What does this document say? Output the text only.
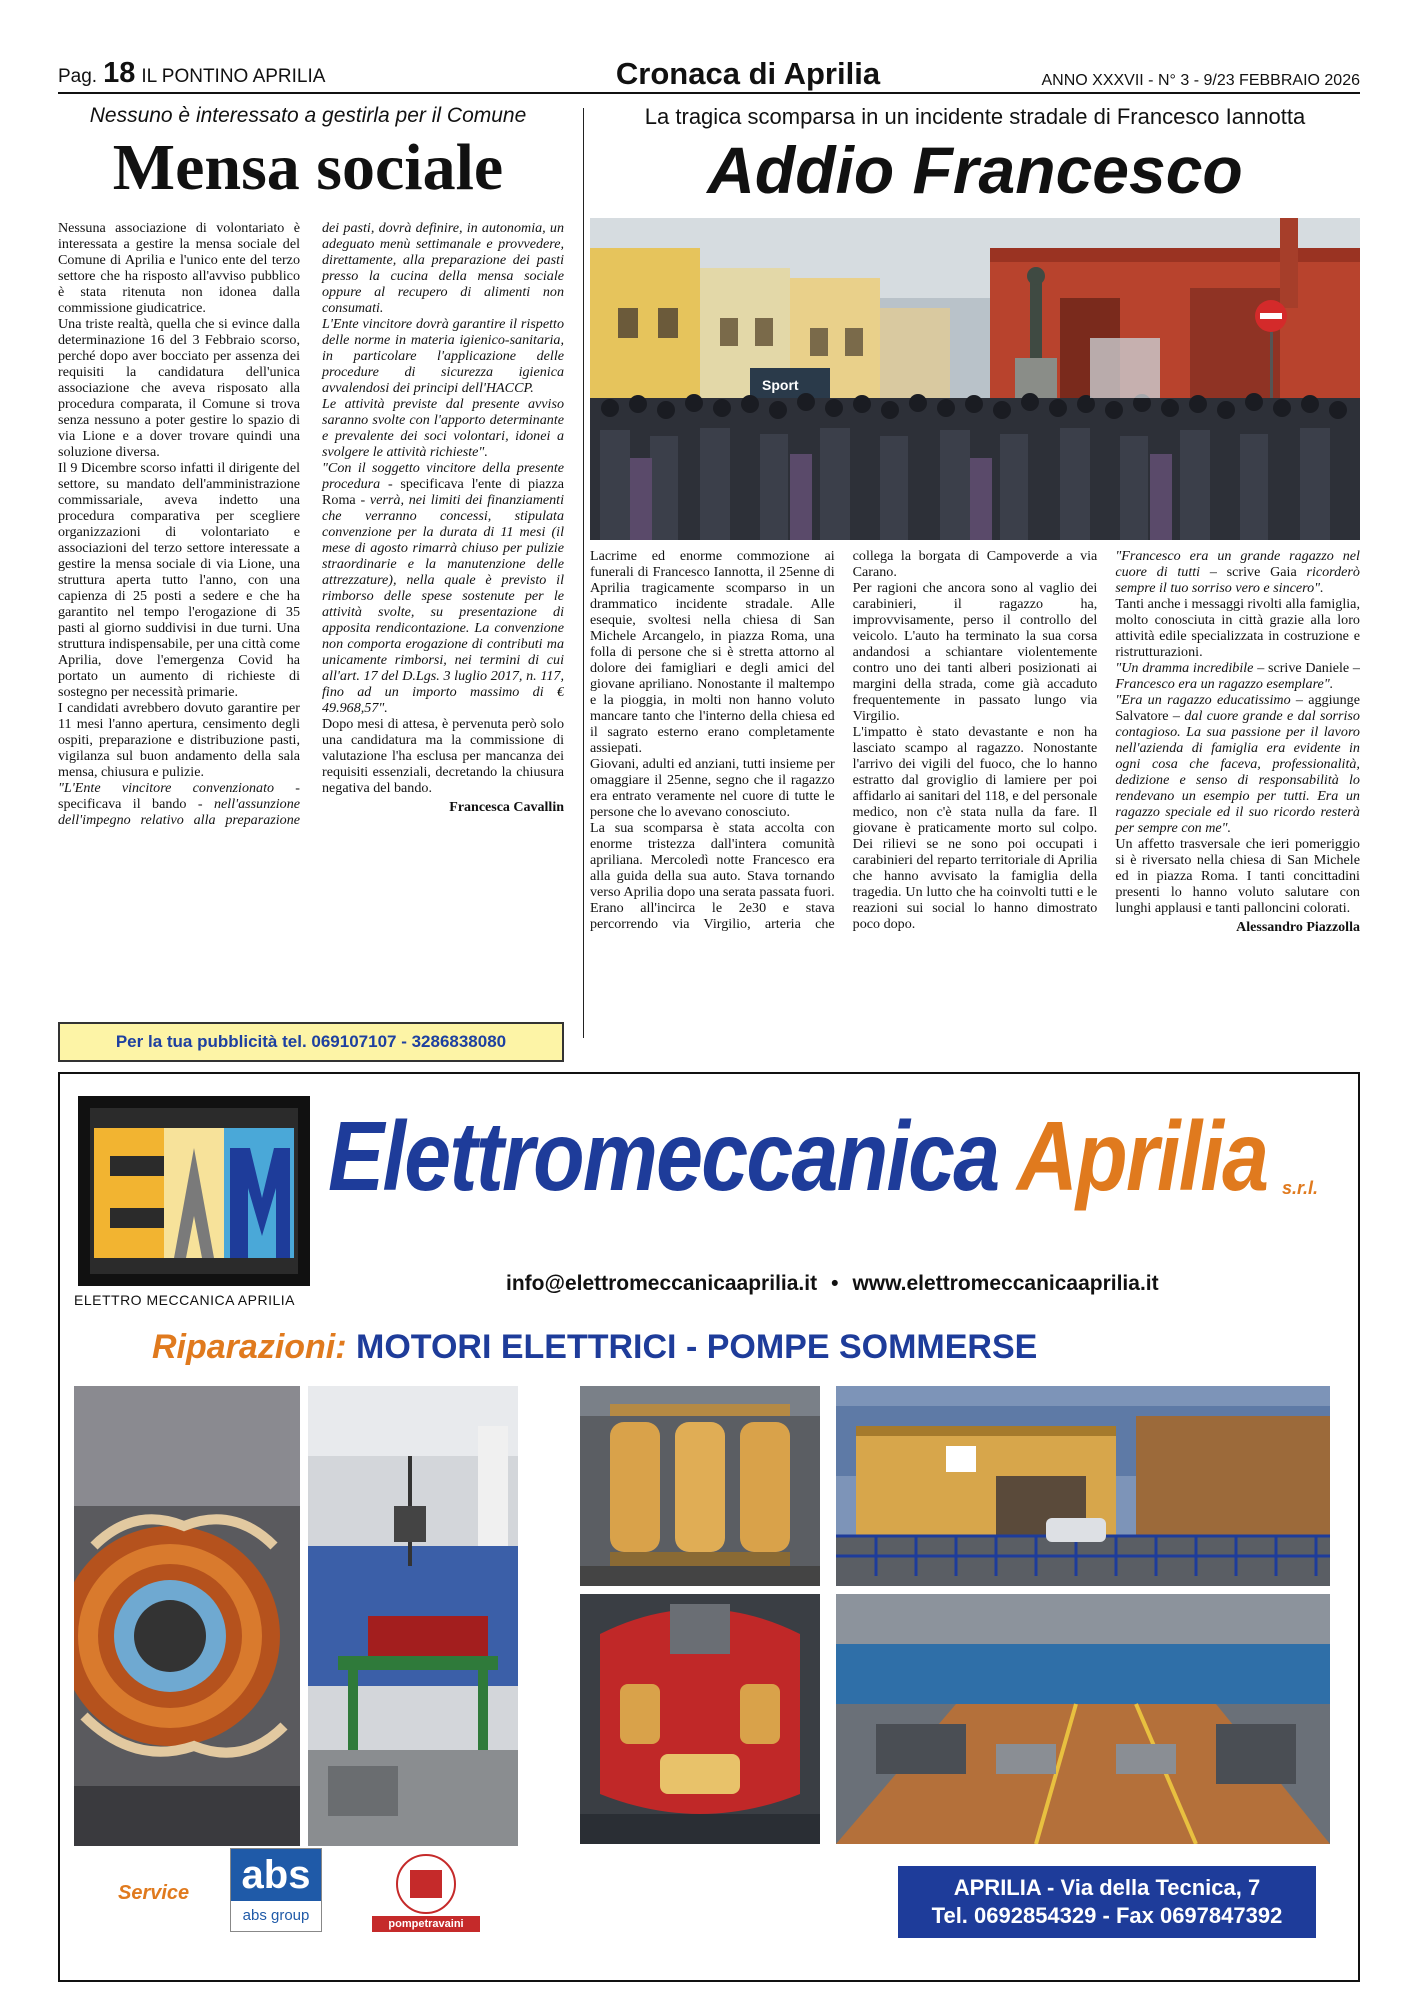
Pag. 18 IL PONTINO APRILIA	Cronaca di Aprilia	ANNO XXXVII - N° 3 - 9/23 FEBBRAIO 2026
Nessuno è interessato a gestirla per il Comune
Mensa sociale

Nessuna associazione di volontariato è interessata a gestire la mensa sociale del Comune di Aprilia e l'unico ente del terzo settore che ha risposto all'avviso pubblico è stata ritenuta non idonea dalla commissione giudicatrice.

Una triste realtà, quella che si evince dalla determinazione 16 del 3 Febbraio scorso, perché dopo aver bocciato per assenza dei requisiti la candidatura dell'unica associazione che aveva risposato alla procedura comparata, il Comune si trova senza nessuno a poter gestire lo spazio di via Lione e a dover trovare quindi una soluzione diversa.

Il 9 Dicembre scorso infatti il dirigente del settore, su mandato dell'amministrazione commissariale, aveva indetto una procedura comparativa per scegliere organizzazioni di volontariato e associazioni del terzo settore interessate a gestire la mensa sociale di via Lione, una struttura aperta tutto l'anno, con una capienza di 25 posti a sedere e che ha garantito nel tempo l'erogazione di 35 pasti al giorno suddivisi in due turni. Una struttura indispensabile, per una città come Aprilia, dove l'emergenza Covid ha portato un aumento di richieste di sostegno per necessità primarie.

I candidati avrebbero dovuto garantire per 11 mesi l'anno apertura, censimento degli ospiti, preparazione e distribuzione pasti, vigilanza sul buon andamento della sala mensa, chiusura e pulizie.

"L'Ente vincitore convenzionato - specificava il bando - nell'assunzione dell'impegno relativo alla preparazione dei pasti, dovrà definire, in autonomia, un adeguato menù settimanale e provvedere, direttamente, alla preparazione dei pasti presso la cucina della mensa sociale oppure al recupero di alimenti non consumati.

L'Ente vincitore dovrà garantire il rispetto delle norme in materia igienico-sanitaria, in particolare l'applicazione delle procedure di sicurezza igienica avvalendosi dei principi dell'HACCP.

Le attività previste dal presente avviso saranno svolte con l'apporto determinante e prevalente dei soci volontari, idonei a svolgere le attività richieste".

"Con il soggetto vincitore della presente procedura - specificava l'ente di piazza Roma - verrà, nei limiti dei finanziamenti che verranno concessi, stipulata convenzione per la durata di 11 mesi (il mese di agosto rimarrà chiuso per pulizie straordinarie e la manutenzione delle attrezzature), nella quale è previsto il rimborso delle spese sostenute per le attività svolte, su presentazione di apposita rendicontazione. La convenzione non comporta erogazione di contributi ma unicamente rimborsi, nei termini di cui all'art. 17 del D.Lgs. 3 luglio 2017, n. 117, fino ad un importo massimo di € 49.968,57".

Dopo mesi di attesa, è pervenuta però solo una candidatura ma la commissione di valutazione l'ha esclusa per mancanza dei requisiti essenziali, decretando la chiusura negativa del bando.

Francesca Cavallin
Per la tua pubblicità tel. 069107107 - 3286838080
La tragica scomparsa in un incidente stradale di Francesco Iannotta
Addio Francesco
Sport

Lacrime ed enorme commozione ai funerali di Francesco Iannotta, il 25enne di Aprilia tragicamente scomparso in un drammatico incidente stradale. Alle esequie, svoltesi nella chiesa di San Michele Arcangelo, in piazza Roma, una folla di persone che si è stretta attorno al dolore dei famigliari e degli amici del giovane apriliano. Nonostante il maltempo e la pioggia, in molti non hanno voluto mancare tanto che l'interno della chiesa ed il sagrato esterno erano completamente assiepati.

Giovani, adulti ed anziani, tutti insieme per omaggiare il 25enne, segno che il ragazzo era entrato veramente nel cuore di tutte le persone che lo avevano conosciuto.

La sua scomparsa è stata accolta con enorme tristezza dall'intera comunità apriliana. Mercoledì notte Francesco era alla guida della sua auto. Stava tornando verso Aprilia dopo una serata passata fuori. Erano all'incirca le 2e30 e stava percorrendo via Virgilio, arteria che collega la borgata di Campoverde a via Carano.

Per ragioni che ancora sono al vaglio dei carabinieri, il ragazzo ha, improvvisamente, perso il controllo del veicolo. L'auto ha terminato la sua corsa andandosi a schiantare violentemente contro uno dei tanti alberi posizionati ai margini della strada, come già accaduto frequentemente in passato lungo via Virgilio.

L'impatto è stato devastante e non ha lasciato scampo al ragazzo. Nonostante l'arrivo dei vigili del fuoco, che lo hanno estratto dal groviglio di lamiere per poi affidarlo ai sanitari del 118, e del personale medico, non c'è stata nulla da fare. Il giovane è praticamente morto sul colpo. Dei rilievi se ne sono poi occupati i carabinieri del reparto territoriale di Aprilia che hanno avvisato la famiglia della tragedia. Un lutto che ha coinvolti tutti e le reazioni sui social lo hanno dimostrato poco dopo.

"Francesco era un grande ragazzo nel cuore di tutti – scrive Gaia ricorderò sempre il tuo sorriso vero e sincero".

Tanti anche i messaggi rivolti alla famiglia, molto conosciuta in città grazie alla loro attività edile specializzata in costruzione e ristrutturazioni.

"Un dramma incredibile – scrive Daniele – Francesco era un ragazzo esemplare".

"Era un ragazzo educatissimo – aggiunge Salvatore – dal cuore grande e dal sorriso contagioso. La sua passione per il lavoro nell'azienda di famiglia era evidente in ogni cosa che faceva, professionalità, dedizione e senso di responsabilità lo rendevano un esempio per tutti. Era un ragazzo speciale ed il suo ricordo resterà per sempre con me".

Un affetto trasversale che ieri pomeriggio si è riversato nella chiesa di San Michele ed in piazza Roma. I tanti concittadini presenti lo hanno voluto salutare con lunghi applausi e tanti palloncini colorati.

Alessandro Piazzolla
ELETTRO MECCANICA APRILIA
Elettromeccanica Aprilia s.r.l.
info@elettromeccanicaaprilia.it • www.elettromeccanicaaprilia.it
Riparazioni: MOTORI ELETTRICI - POMPE SOMMERSE
Service abs
abs group	pompetravaini
APRILIA - Via della Tecnica, 7
Tel. 0692854329 - Fax 0697847392
